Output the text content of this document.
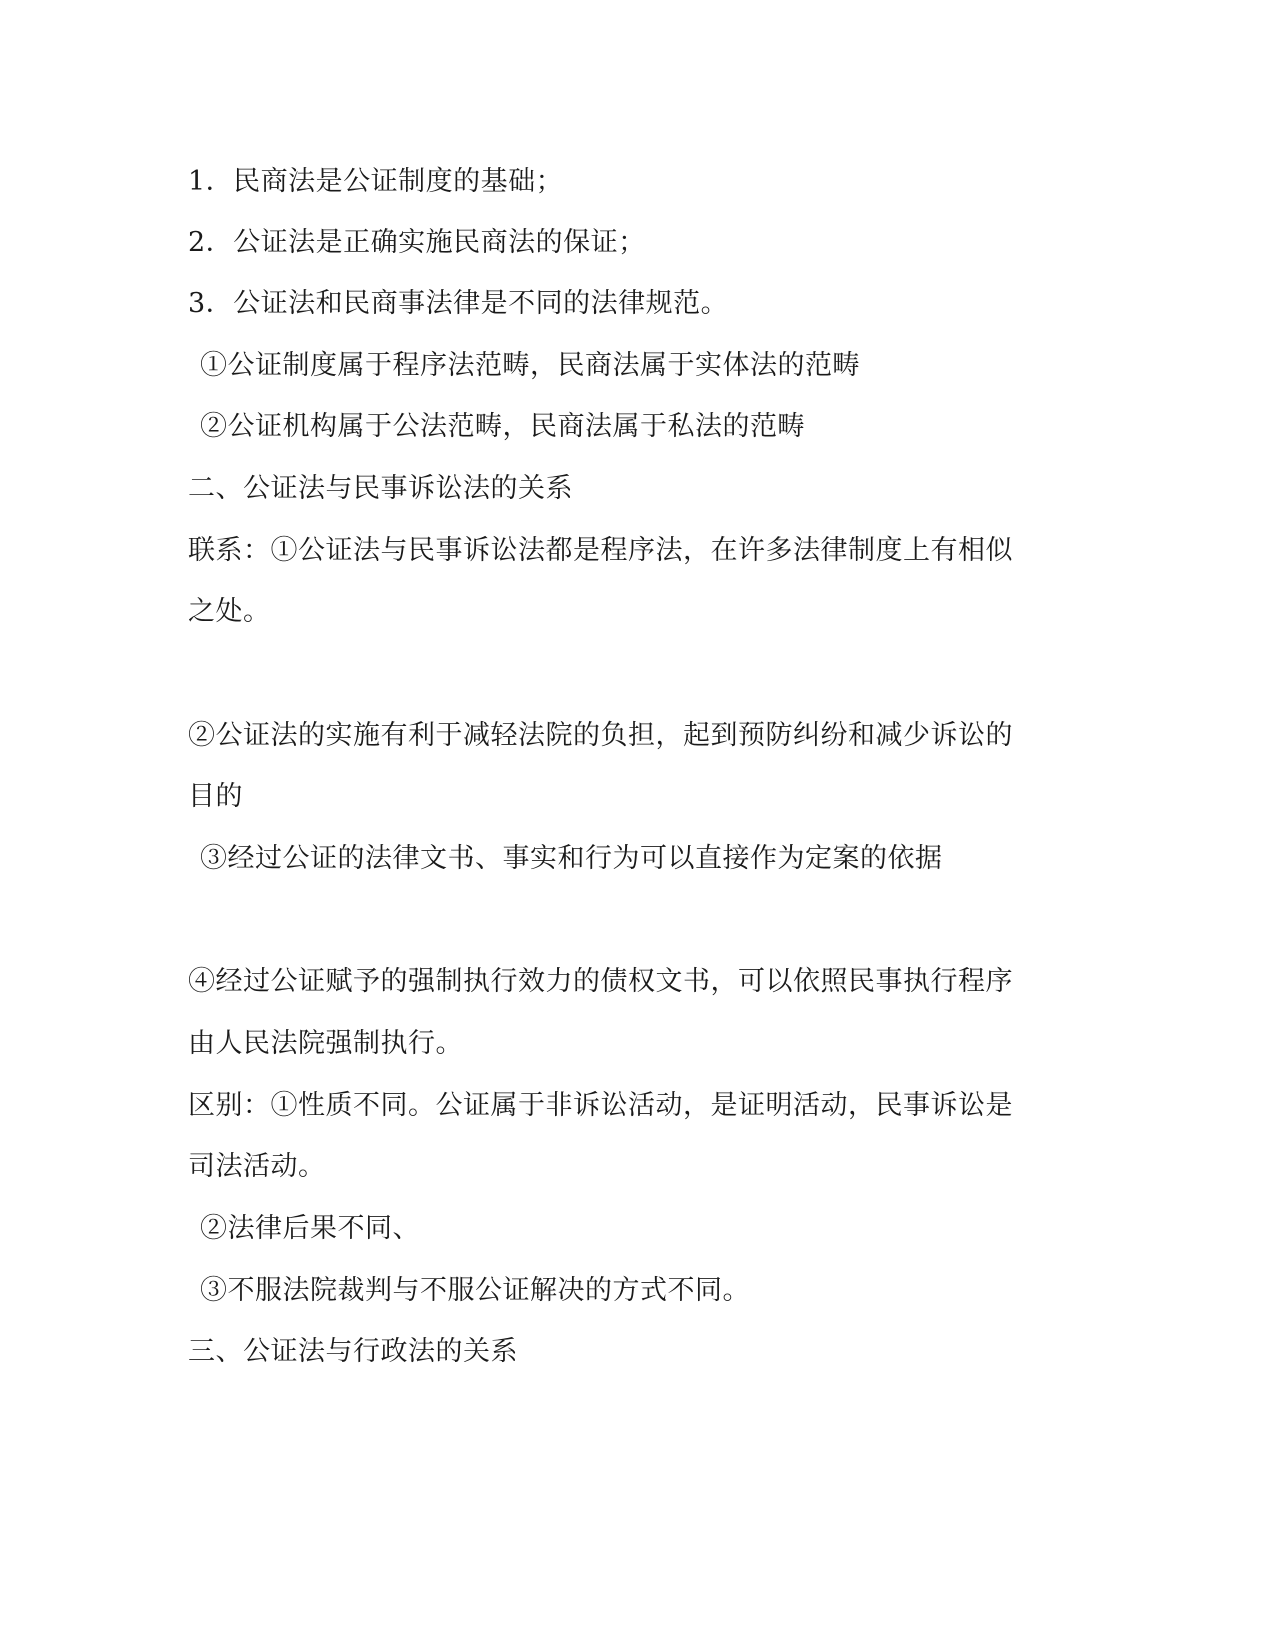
1．民商法是公证制度的基础；
2．公证法是正确实施民商法的保证；
3．公证法和民商事法律是不同的法律规范。
①公证制度属于程序法范畴，民商法属于实体法的范畴
②公证机构属于公法范畴，民商法属于私法的范畴
二、公证法与民事诉讼法的关系
联系：①公证法与民事诉讼法都是程序法，在许多法律制度上有相似
之处。
②公证法的实施有利于减轻法院的负担，起到预防纠纷和减少诉讼的
目的
③经过公证的法律文书、事实和行为可以直接作为定案的依据
④经过公证赋予的强制执行效力的债权文书，可以依照民事执行程序
由人民法院强制执行。
区别：①性质不同。公证属于非诉讼活动，是证明活动，民事诉讼是
司法活动。
②法律后果不同、
③不服法院裁判与不服公证解决的方式不同。
三、公证法与行政法的关系
